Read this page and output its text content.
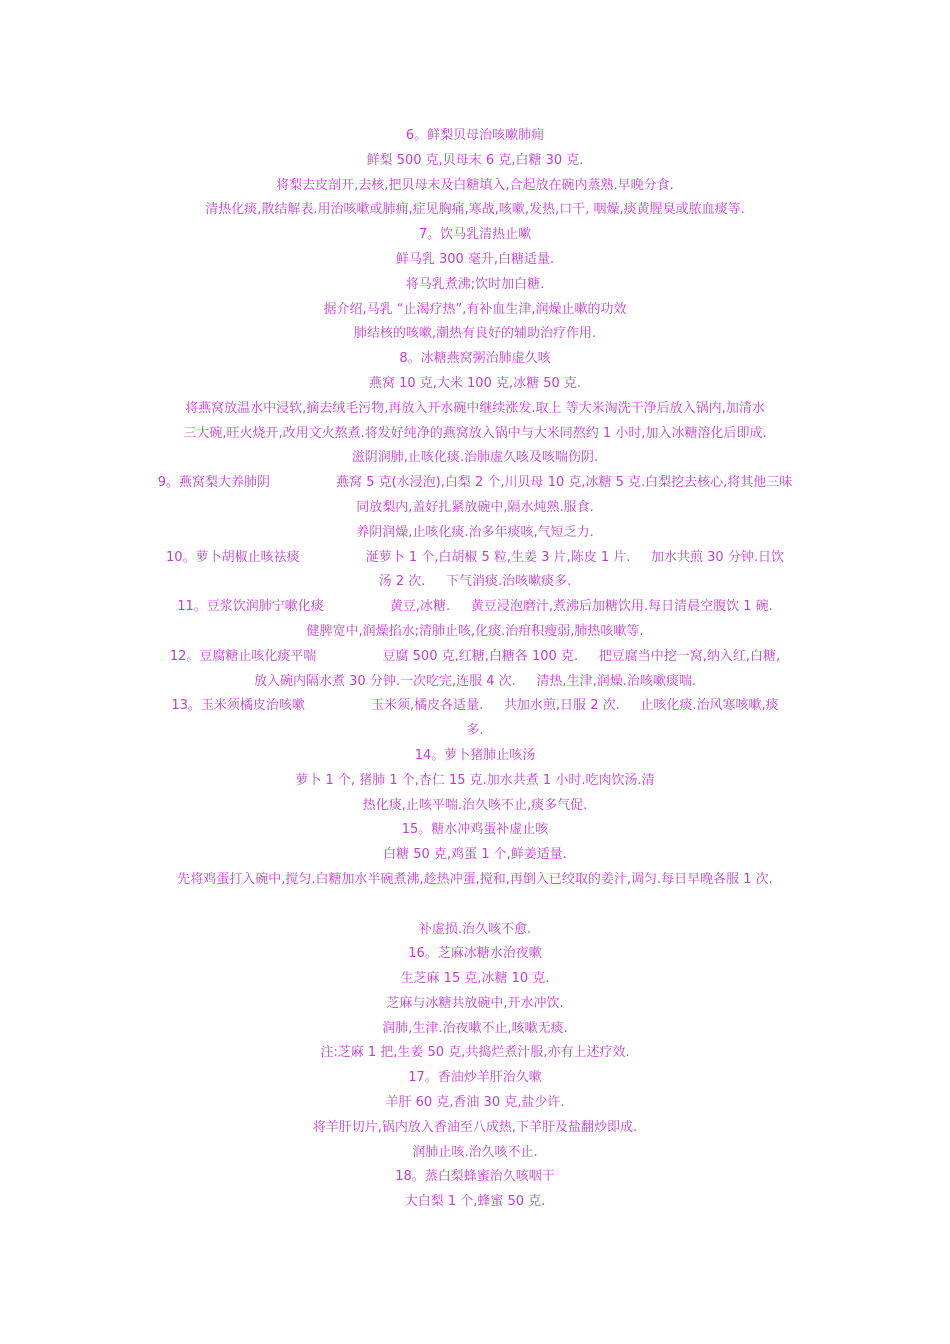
6。鲜梨贝母治咳嗽肺痈
鲜梨 500 克,贝母末 6 克,白糖 30 克.
将梨去皮剖开,去核,把贝母末及白糖填入,合起放在碗内蒸熟.早晚分食.
清热化痰,散结解表.用治咳嗽或肺痈,症见胸痛,寒战,咳嗽,发热,口干, 咽燥,痰黄腥臭或脓血痰等.
7。饮马乳清热止嗽
鲜马乳 300 毫升,白糖适量.
将马乳煮沸;饮时加白糖.
据介绍,马乳 “止渴疗热”,有补血生津,润燥止嗽的功效
肺结核的咳嗽,潮热有良好的辅助治疗作用.
8。冰糖燕窝粥治肺虚久咳
燕窝 10 克,大米 100 克,冰糖 50 克.
将燕窝放温水中浸软,摘去绒毛污物,再放入开水碗中继续涨发.取上 等大米淘洗干净后放入锅内,加清水
三大碗,旺火烧开,改用文火熬煮.将发好纯净的燕窝放入锅中与大米同熬约 1 小时,加入冰糖溶化后即成.
滋阴润肺,止咳化痰.治肺虚久咳及咳喘伤阴.
9。燕窝梨大养肺阴                燕窝 5 克(水浸泡),白梨 2 个,川贝母 10 克,冰糖 5 克.白梨挖去核心,将其他三味
同放梨内,盖好扎紧放碗中,隔水炖熟.服食.
养阴润燥,止咳化痰.治多年痰咳,气短乏力.
10。萝卜胡椒止咳祛痰                涎萝卜 1 个,白胡椒 5 粒,生姜 3 片,陈皮 1 片.     加水共煎 30 分钟.日饮
汤 2 次.     下气消痰.治咳嗽痰多.
11。豆浆饮润肺宁嗽化痰                黄豆,冰糖.     黄豆浸泡磨汁,煮沸后加糖饮用.每日清晨空腹饮 1 碗.
健脾宽中,润燥掐水;清肺止咳,化痰.治疳积瘦弱,肺热咳嗽等.
12。豆腐糖止咳化痰平喘                豆腐 500 克,红糖,白糖各 100 克.     把豆腐当中挖一窝,纳入红,白糖,
放入碗内隔水煮 30 分钟.一次吃完,连服 4 次.     清热,生津,润燥.治咳嗽痰喘.
13。玉米须橘皮治咳嗽                玉米须,橘皮各适量.     共加水煎,日服 2 次.     止咳化痰.治风寒咳嗽,痰
多.
14。萝卜猪肺止咳汤
萝卜 1 个, 猪肺 1 个,杏仁 15 克.加水共煮 1 小时.吃肉饮汤.清
热化痰,止咳平喘.治久咳不止,痰多气促.
15。糖水冲鸡蛋补虚止咳
白糖 50 克,鸡蛋 1 个,鲜姜适量.
先将鸡蛋打入碗中,搅匀.白糖加水半碗煮沸,趁热冲蛋,搅和,再倒入已绞取的姜汁,调匀.每日早晚各服 1 次.
补虚损.治久咳不愈.
16。芝麻冰糖水治夜嗽
生芝麻 15 克,冰糖 10 克.
芝麻与冰糖共放碗中,开水冲饮.
润肺,生津.治夜嗽不止,咳嗽无痰.
注:芝麻 1 把,生姜 50 克,共捣烂煮汁服,亦有上述疗效.
17。香油炒羊肝治久嗽
羊肝 60 克,香油 30 克,盐少许.
将羊肝切片,锅内放入香油至八成热,下羊肝及盐翻炒即成.
润肺止咳.治久咳不止.
18。蒸白梨蜂蜜治久咳咽干
大白梨 1 个,蜂蜜 50 克.
